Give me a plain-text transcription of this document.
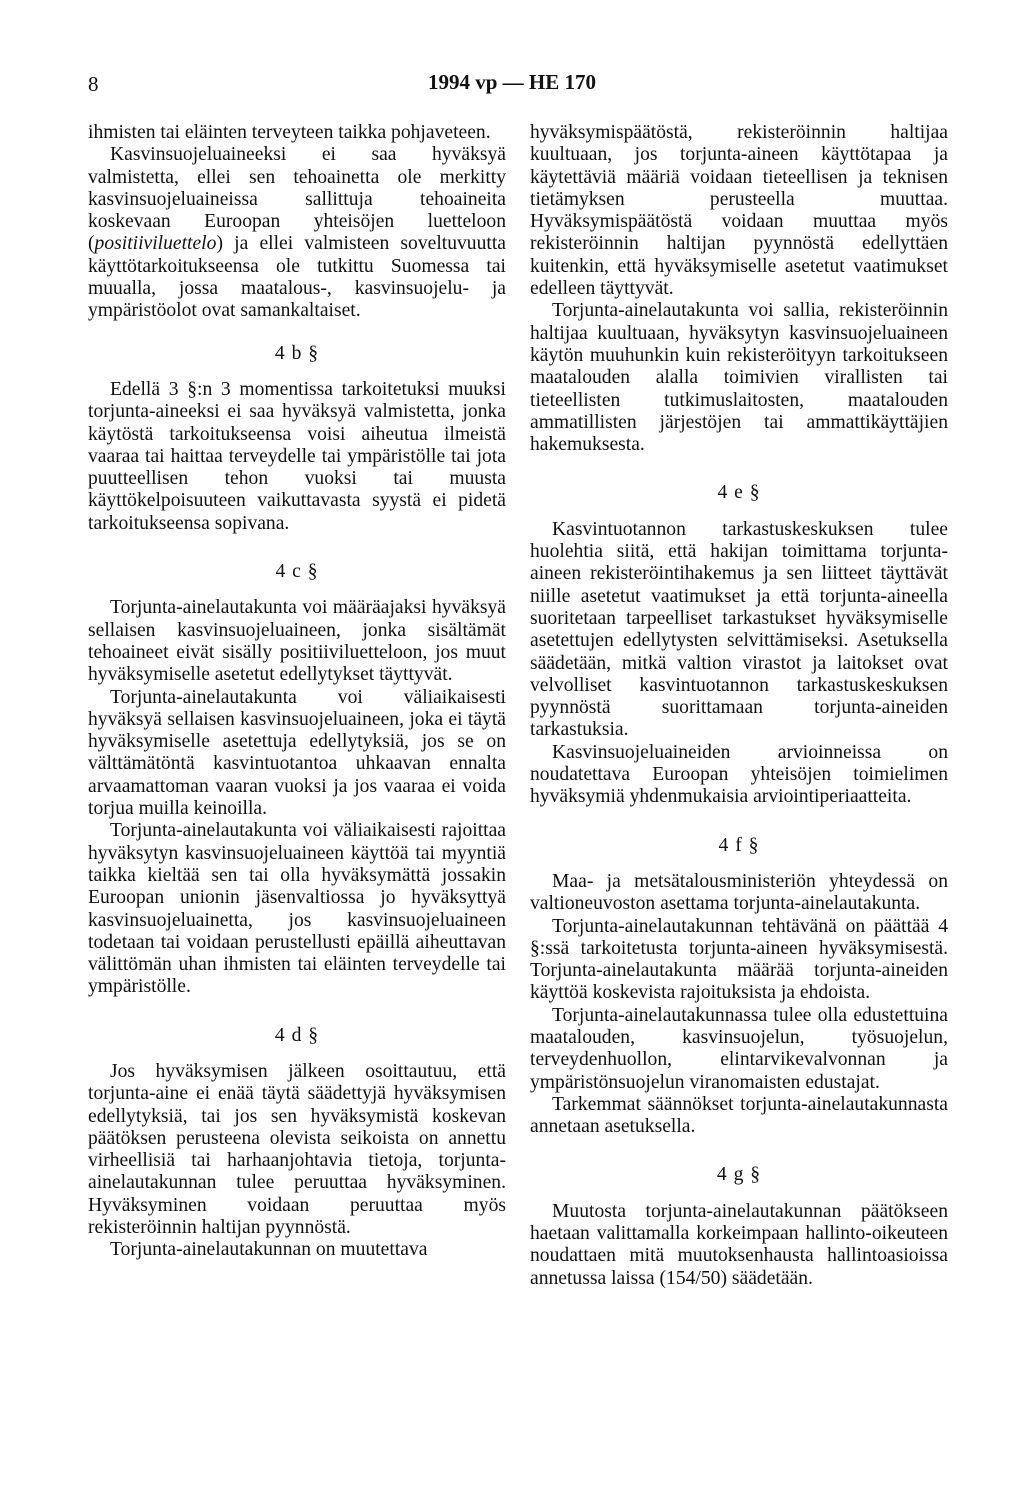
8	1994 vp — HE 170

ihmisten tai eläinten terveyteen taikka pohjaveteen.

Kasvinsuojeluaineeksi ei saa hyväksyä valmistetta, ellei sen tehoainetta ole merkitty kasvinsuojeluaineissa sallittuja tehoaineita koskevaan Euroopan yhteisöjen luetteloon (positiiviluettelo) ja ellei valmisteen soveltuvuutta käyttötarkoitukseensa ole tutkittu Suomessa tai muualla, jossa maatalous-, kasvinsuojelu- ja ympäristöolot ovat samankaltaiset.

4 b §

Edellä 3 §:n 3 momentissa tarkoitetuksi muuksi torjunta-aineeksi ei saa hyväksyä valmistetta, jonka käytöstä tarkoitukseensa voisi aiheutua ilmeistä vaaraa tai haittaa terveydelle tai ympäristölle tai jota puutteellisen tehon vuoksi tai muusta käyttökelpoisuuteen vaikuttavasta syystä ei pidetä tarkoitukseensa sopivana.

4 c §

Torjunta-ainelautakunta voi määräajaksi hyväksyä sellaisen kasvinsuojeluaineen, jonka sisältämät tehoaineet eivät sisälly positiiviluetteloon, jos muut hyväksymiselle asetetut edellytykset täyttyvät.

Torjunta-ainelautakunta voi väliaikaisesti hyväksyä sellaisen kasvinsuojeluaineen, joka ei täytä hyväksymiselle asetettuja edellytyksiä, jos se on välttämätöntä kasvintuotantoa uhkaavan ennalta arvaamattoman vaaran vuoksi ja jos vaaraa ei voida torjua muilla keinoilla.

Torjunta-ainelautakunta voi väliaikaisesti rajoittaa hyväksytyn kasvinsuojeluaineen käyttöä tai myyntiä taikka kieltää sen tai olla hyväksymättä jossakin Euroopan unionin jäsenvaltiossa jo hyväksyttyä kasvinsuojeluainetta, jos kasvinsuojeluaineen todetaan tai voidaan perustellusti epäillä aiheuttavan välittömän uhan ihmisten tai eläinten terveydelle tai ympäristölle.

4 d §

Jos hyväksymisen jälkeen osoittautuu, että torjunta-aine ei enää täytä säädettyjä hyväksymisen edellytyksiä, tai jos sen hyväksymistä koskevan päätöksen perusteena olevista seikoista on annettu virheellisiä tai harhaanjohtavia tietoja, torjunta-ainelautakunnan tulee peruuttaa hyväksyminen. Hyväksyminen voidaan peruuttaa myös rekisteröinnin haltijan pyynnöstä.

Torjunta-ainelautakunnan on muutettava

hyväksymispäätöstä, rekisteröinnin haltijaa kuultuaan, jos torjunta-aineen käyttötapaa ja käytettäviä määriä voidaan tieteellisen ja teknisen tietämyksen perusteella muuttaa. Hyväksymispäätöstä voidaan muuttaa myös rekisteröinnin haltijan pyynnöstä edellyttäen kuitenkin, että hyväksymiselle asetetut vaatimukset edelleen täyttyvät.

Torjunta-ainelautakunta voi sallia, rekisteröinnin haltijaa kuultuaan, hyväksytyn kasvinsuojeluaineen käytön muuhunkin kuin rekisteröityyn tarkoitukseen maatalouden alalla toimivien virallisten tai tieteellisten tutkimuslaitosten, maatalouden ammatillisten järjestöjen tai ammattikäyttäjien hakemuksesta.

4 e §

Kasvintuotannon tarkastuskeskuksen tulee huolehtia siitä, että hakijan toimittama torjunta-aineen rekisteröintihakemus ja sen liitteet täyttävät niille asetetut vaatimukset ja että torjunta-aineella suoritetaan tarpeelliset tarkastukset hyväksymiselle asetettujen edellytysten selvittämiseksi. Asetuksella säädetään, mitkä valtion virastot ja laitokset ovat velvolliset kasvintuotannon tarkastuskeskuksen pyynnöstä suorittamaan torjunta-aineiden tarkastuksia.

Kasvinsuojeluaineiden arvioinneissa on noudatettava Euroopan yhteisöjen toimielimen hyväksymiä yhdenmukaisia arviointiperiaatteita.

4 f §

Maa- ja metsätalousministeriön yhteydessä on valtioneuvoston asettama torjunta-ainelautakunta.

Torjunta-ainelautakunnan tehtävänä on päättää 4 §:ssä tarkoitetusta torjunta-aineen hyväksymisestä. Torjunta-ainelautakunta määrää torjunta-aineiden käyttöä koskevista rajoituksista ja ehdoista.

Torjunta-ainelautakunnassa tulee olla edustettuina maatalouden, kasvinsuojelun, työsuojelun, terveydenhuollon, elintarvikevalvonnan ja ympäristönsuojelun viranomaisten edustajat.

Tarkemmat säännökset torjunta-ainelautakunnasta annetaan asetuksella.

4 g §

Muutosta torjunta-ainelautakunnan päätökseen haetaan valittamalla korkeimpaan hallinto-oikeuteen noudattaen mitä muutoksenhausta hallintoasioissa annetussa laissa (154/50) säädetään.
